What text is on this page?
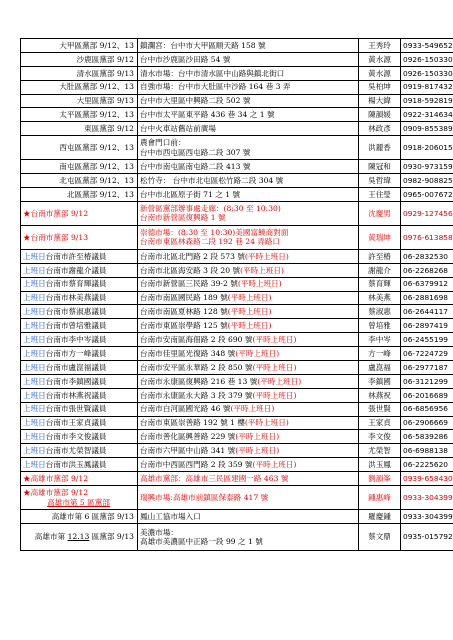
大甲區黨部 9/12、13	鎮瀾宮：台中市大甲區順天路 158 號	王秀玲	0933-549652
沙鹿區黨部 9/12	台中市沙鹿區沙田路 54 號	黃水源	0926-150330
清水區黨部 9/13	清水市場：台中市清水區中山路與鎮北街口	黃水源	0926-150330
大肚區黨部 9/12、13	自強市場：台中市大肚區中沙路 164 巷 3 弄	吳柏坤	0919-817432
大里區黨部 9/13	台中市大里區中興路二段 502 號	楊大緯	0918-592819
太平區黨部 9/12、13	台中市太平區東平路 436 巷 34 之 1 號	陳韻媛	0922-314634
東區黨部 9/12	台中火車站舊站前廣場	林政彥	0909-855389
西屯區黨部 9/12、13	農會門口前：
台中市西屯區西屯路二段 307 號	洪麗香	0918-206015
南屯區黨部 9/12、13	台中市南屯區南屯路二段 413 號	陳冠和	0930-973159
北屯區黨部 9/12、13	松竹寺： 台中市北屯區松竹路二段 304 號	吳哲瑋	0982-908825
北區黨部 9/12、13	台中市北區原子街 71 之 1 號	王住瑩	0965-007672
★台南市黨部 9/12	新營區黨部辦事處走廊：(8:30 至 10:30)
台南市新營區復興路 1 號	沈慶男	0929-127456
★台南市黨部 9/13	崇德市場：(8:30 至 10:30)美國富饒商對面
台南市東區林森路二段 192 巷 24 弄路口	黃瑞坤	0976-613858
上班日台南市許至椿議員	台南市北區北門路 2 段 573 號(平時上班日)	許至椿	06-2832530
上班日台南市謝龍介議員	台南市北區海安路 3 段 20 號(平時上班日)	謝龍介	06-2268268
上班日台南市蔡育輝議員	台南市新營區三民路 39-2 號(平時上班日)	蔡育輝	06-6379912
上班日台南市林美燕議員	台南市南區國民路 189 號(平時上班日)	林美燕	06-2881698
上班日台南市蔡淑惠議員	台南市南區夏林路 128 號(平時上班日)	蔡淑惠	06-2644117
上班日台南市曾培雅議員	台南市東區崇學路 125 號(平時上班日)	曾培雅	06-2897419
上班日台南市李中岑議員	台南市安南區海佃路 2 段 690 號(平時上班日)	李中岑	06-2455199
上班日台南市方一峰議員	台南市佳里區光復路 348 號(平時上班日)	方一峰	06-7224729
上班日台南市盧崑福議員	台南市安平區永華路 2 段 850 號(平時上班日)	盧崑福	06-2977187
上班日台南市李鎮國議員	台南市永康區復興路 216 巷 13 號(平時上班日)	李鎮國	06-3121299
上班日台南市林燕祝議員	台南市永康區永大路 3 段 379 號(平時上班日)	林燕祝	06-2016689
上班日台南市張世賢議員	台南市白河區國光路 46 號(平時上班日)	張世賢	06-6856956
上班日台南市王家貞議員	台南市東區崇善路 192 號 1 樓(平時上班日)	王家貞	06-2906669
上班日台南市李文俊議員	台南市善化區興善路 229 號(平時上班日)	李文俊	06-5839286
上班日台南市尤榮智議員	台南市六甲區中山路 341 號(平時上班日)	尤榮智	06-6988138
上班日台南市洪玉鳳議員	台南市中西區西門路 2 段 359 號(平時上班日)	洪玉鳳	06-2225620
★高雄市黨部 9/12	高雄市黨部：高雄市三民區建國一路 463 號	劉韻峯	0939-658430

★高雄市黨部 9/12
高雄市第 5 區黨部	瑞興市場:高雄市前鎮區保泰路 417 號	鍾惠峰	0933-304399
高雄市第 6 區黨部 9/13	鳳山工協市場入口	羅慶鍾	0933-304399
高雄市第 12.13 區黨部 9/13	美濃市場：
高雄市美濃區中正路一段 99 之 1 號	蔡文鼎	0935-015792
